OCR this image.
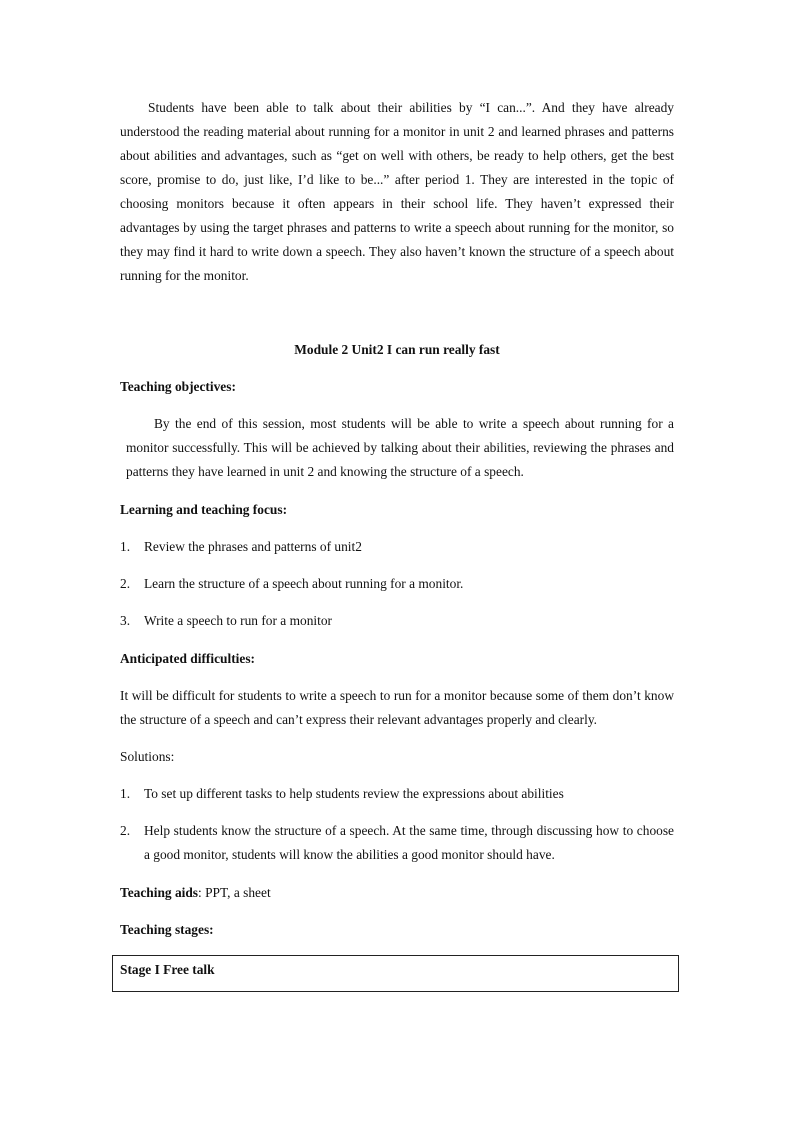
Students have been able to talk about their abilities by “I can...”. And they have already understood the reading material about running for a monitor in unit 2 and learned phrases and patterns about abilities and advantages, such as “get on well with others, be ready to help others, get the best score, promise to do, just like, I’d like to be...” after period 1. They are interested in the topic of choosing monitors because it often appears in their school life. They haven’t expressed their advantages by using the target phrases and patterns to write a speech about running for the monitor, so they may find it hard to write down a speech. They also haven’t known the structure of a speech about running for the monitor.

Module 2 Unit2 I can run really fast

Teaching objectives:

By the end of this session, most students will be able to write a speech about running for a monitor successfully. This will be achieved by talking about their abilities, reviewing the phrases and patterns they have learned in unit 2 and knowing the structure of a speech.

Learning and teaching focus:

1.	Review the phrases and patterns of unit2
2.	Learn the structure of a speech about running for a monitor.
3.	Write a speech to run for a monitor

Anticipated difficulties:

It will be difficult for students to write a speech to run for a monitor because some of them don’t know the structure of a speech and can’t express their relevant advantages properly and clearly.

Solutions:

1.	To set up different tasks to help students review the expressions about abilities
2.	Help students know the structure of a speech. At the same time, through discussing how to choose a good monitor, students will know the abilities a good monitor should have.

Teaching aids: PPT, a sheet

Teaching stages:

Stage I Free talk
